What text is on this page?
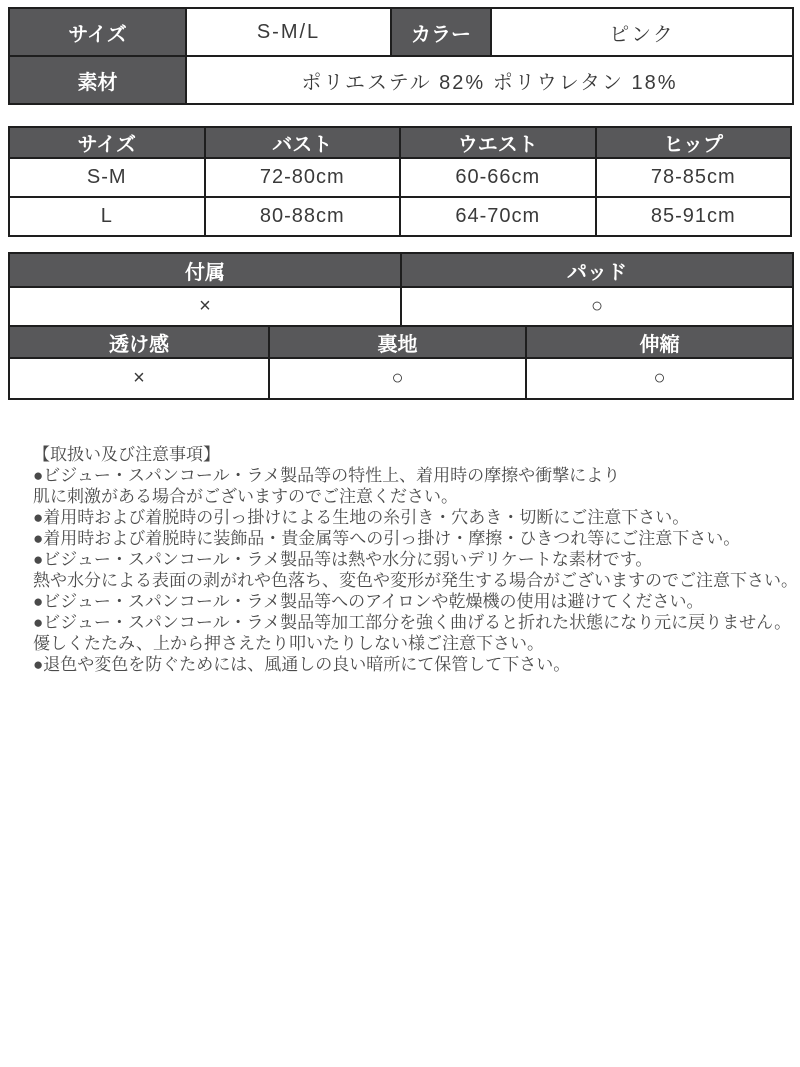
サイズ	S-M/L	カラー	ピンク
素材	ポリエステル 82% ポリウレタン 18%		
サイズ	バスト	ウエスト	ヒップ
S-M	72-80cm	60-66cm	78-85cm
L	80-88cm	64-70cm	85-91cm
付属	パッド
×	○
透け感	裏地	伸縮
×	○	○
【取扱い及び注意事項】
●ビジュー・スパンコール・ラメ製品等の特性上、着用時の摩擦や衝撃により
肌に刺激がある場合がございますのでご注意ください。
●着用時および着脱時の引っ掛けによる生地の糸引き・穴あき・切断にご注意下さい。
●着用時および着脱時に装飾品・貴金属等への引っ掛け・摩擦・ひきつれ等にご注意下さい。
●ビジュー・スパンコール・ラメ製品等は熱や水分に弱いデリケートな素材です。
熱や水分による表面の剥がれや色落ち、変色や変形が発生する場合がございますのでご注意下さい。
●ビジュー・スパンコール・ラメ製品等へのアイロンや乾燥機の使用は避けてください。
●ビジュー・スパンコール・ラメ製品等加工部分を強く曲げると折れた状態になり元に戻りません。
優しくたたみ、上から押さえたり叩いたりしない様ご注意下さい。
●退色や変色を防ぐためには、風通しの良い暗所にて保管して下さい。
